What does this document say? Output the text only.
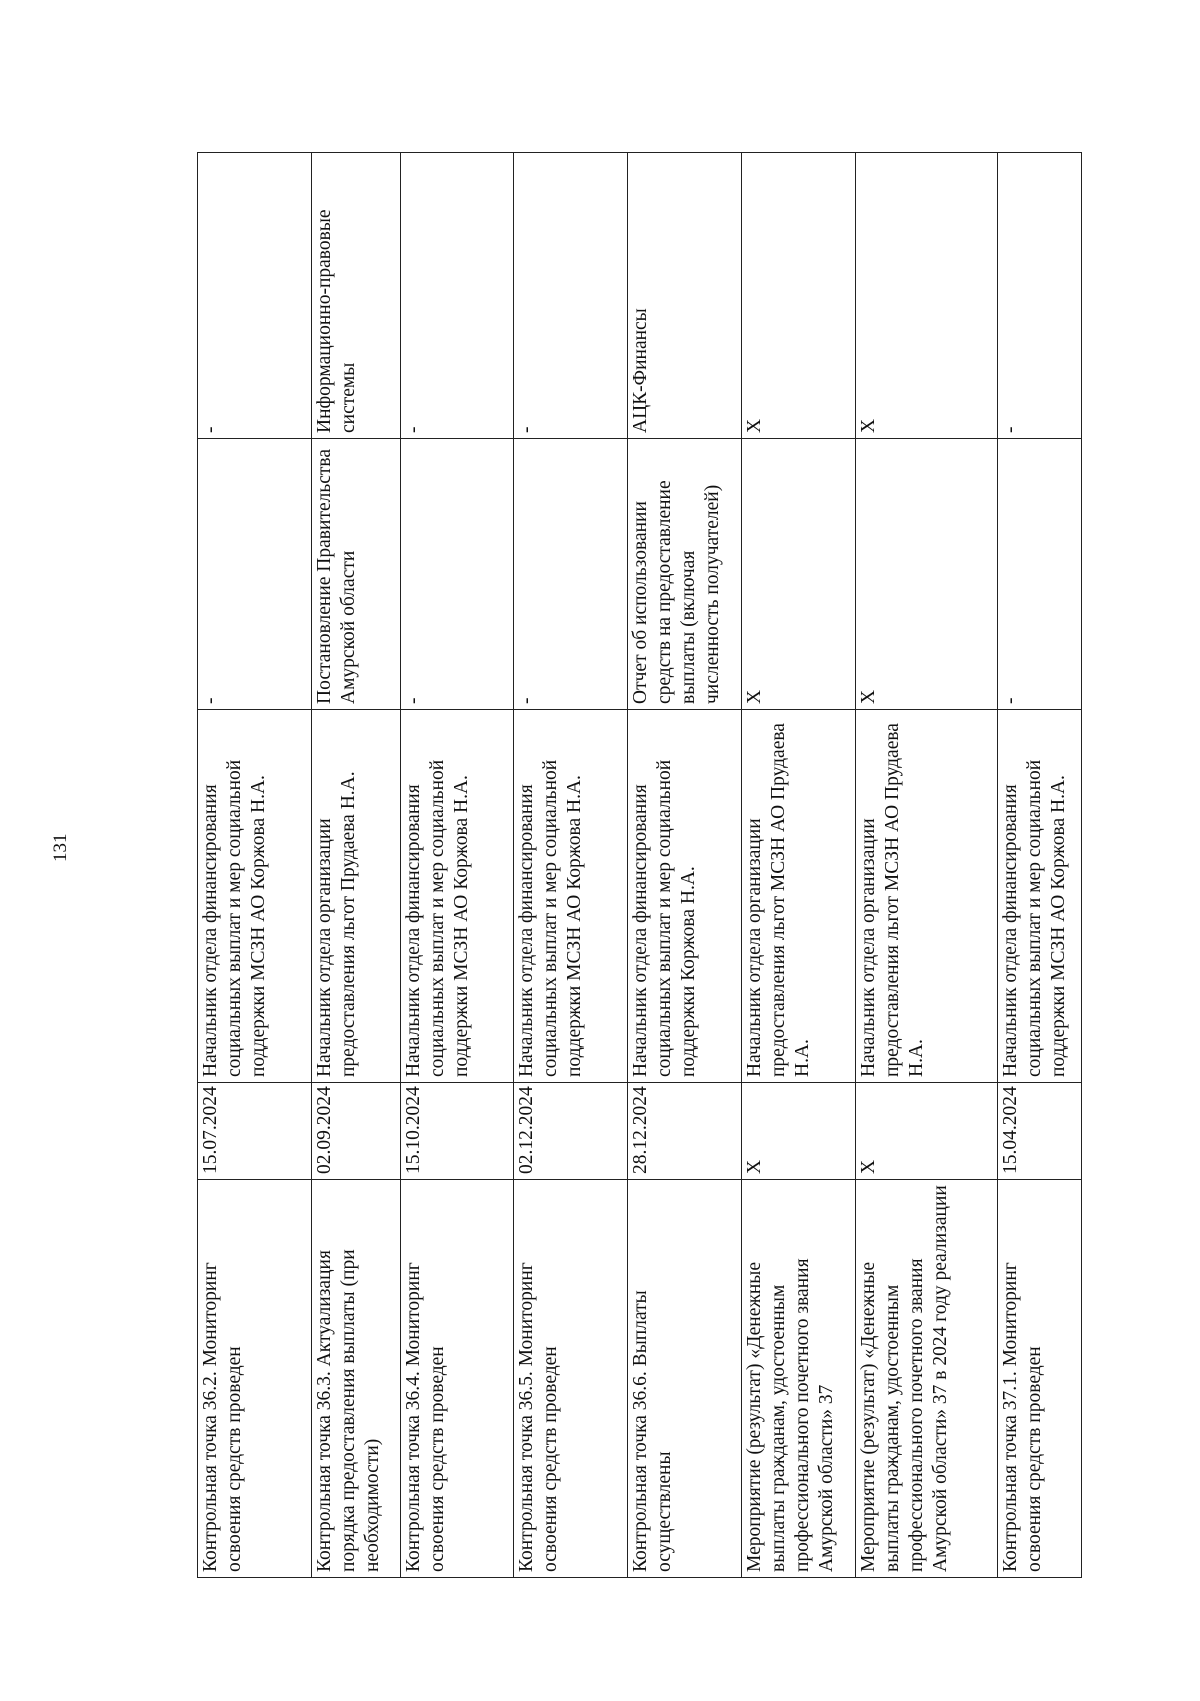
131
Контрольная точка 36.2. Мониторинг освоения средств проведен	15.07.2024	Начальник отдела финансирования социальных выплат и мер социальной поддержки МСЗН АО Коржова Н.А.	-	-
Контрольная точка 36.3. Актуализация порядка предоставления выплаты (при необходимости)	02.09.2024	Начальник отдела организации предоставления льгот Прудаева Н.А.	Постановление Правительства Амурской области	Информационно-правовые системы
Контрольная точка 36.4. Мониторинг освоения средств проведен	15.10.2024	Начальник отдела финансирования социальных выплат и мер социальной поддержки МСЗН АО Коржова Н.А.	-	-
Контрольная точка 36.5. Мониторинг освоения средств проведен	02.12.2024	Начальник отдела финансирования социальных выплат и мер социальной поддержки МСЗН АО Коржова Н.А.	-	-
Контрольная точка 36.6. Выплаты осуществлены	28.12.2024	Начальник отдела финансирования социальных выплат и мер социальной поддержки Коржова Н.А.	Отчет об использовании средств на предоставление выплаты (включая численность получателей)	АЦК-Финансы
Мероприятие (результат) «Денежные выплаты гражданам, удостоенным профессионального почетного звания Амурской области» 37	X	Начальник отдела организации предоставления льгот МСЗН АО Прудаева Н.А.	X	X
Мероприятие (результат) «Денежные выплаты гражданам, удостоенным профессионального почетного звания Амурской области» 37 в 2024 году реализации	X	Начальник отдела организации предоставления льгот МСЗН АО Прудаева Н.А.	X	X
Контрольная точка 37.1. Мониторинг освоения средств проведен	15.04.2024	Начальник отдела финансирования социальных выплат и мер социальной поддержки МСЗН АО Коржова Н.А.	-	-
